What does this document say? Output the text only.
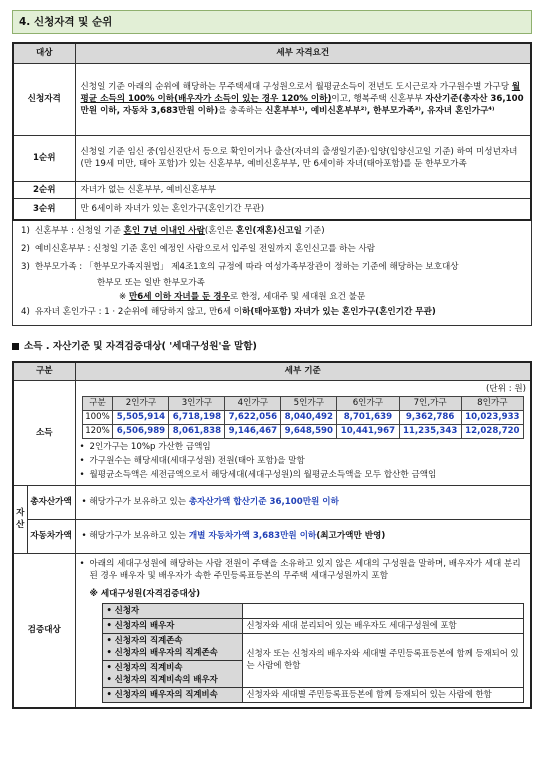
4. 신청자격 및 순위
대상	세부 자격요건
신청자격	신청일 기준 아래의 순위에 해당하는 무주택세대 구성원으로서 월평균소득이 전년도 도시근로자 가구원수별 가구당 월평균 소득의 100% 이하(배우자가 소득이 있는 경우 120% 이하)이고, 행복주택 신혼부부 자산기준(총자산 36,100만원 이하, 자동차 3,683만원 이하)을 충족하는 신혼부부¹⁾, 예비신혼부부²⁾, 한부모가족³⁾, 유자녀 혼인가구⁴⁾
1순위	신청일 기준 임신 중(임신진단서 등으로 확인이거나 출산(자녀의 출생일기준)·입양(입양신고일 기준) 하여 미성년자녀(만 19세 미만, 태아 포함)가 있는 신혼부부, 예비신혼부부, 만 6세이하 자녀(태아포함)를 둔 한부모가족
2순위	자녀가 없는 신혼부부, 예비신혼부부
3순위	만 6세이하 자녀가 있는 혼인가구(혼인기간 무관)
1) 신혼부부 : 신청일 기준 혼인 7년 이내인 사람(혼인은 혼인(재혼)신고일 기준)
2) 예비신혼부부 : 신청일 기준 혼인 예정인 사람으로서 입주일 전일까지 혼인신고를 하는 사람
3) 한부모가족 : 「한부모가족지원법」 제4조1호의 규정에 따라 여성가족부장관이 정하는 기준에 해당하는 보호대상
한부모 또는 일반 한부모가족
※ 만6세 이하 자녀를 둔 경우로 한정, 세대주 및 세대원 요건 불문
4) 유자녀 혼인가구 : 1 · 2순위에 해당하지 않고, 만6세 이하(태아포함) 자녀가 있는 혼인가구(혼인기간 무관)
소득 . 자산기준 및 자격검증대상( '세대구성원'을 말함)
구분	세부 기준
소득	
(단위 : 원)
구분	2인가구	3인가구	4인가구	5인가구	6인가구	7인,가구	8인가구
100%	5,505,914	6,718,198	7,622,056	8,040,492	8,701,639	9,362,786	10,023,933
120%	6,506,989	8,061,838	9,146,467	9,648,590	10,441,967	11,235,343	12,028,720
• 2인가구는 10%p 가산한 금액임
• 가구원수는 해당세대(세대구성원) 전원(태아 포함)을 말함
• 월평균소득액은 세전금액으로서 해당세대(세대구성원)의 월평균소득액을 모두 합산한 금액임

자산	총자산가액	• 해당가구가 보유하고 있는 총자산가액 합산기준 36,100만원 이하
자동차가액	• 해당가구가 보유하고 있는 개별 자동차가액 3,683만원 이하(최고가액만 반영)
검증대상	
• 아래의 세대구성원에 해당하는 사람 전원이 주택을 소유하고 있지 않은 세대의 구성원을 말하며, 배우자가 세대 분리된 경우 배우자 및 배우자가 속한 주민등록표등본의 무주택 세대구성원까지 포함
※ 세대구성원(자격검증대상)
• 신청자	
• 신청자의 배우자	신청자와 세대 분리되어 있는 배우자도 세대구성원에 포함
• 신청자의 직계존속
• 신청자의 배우자의 직계존속	신청자 또는 신청자의 배우자와 세대별 주민등록표등본에 함께 등재되어 있는 사람에 한함
• 신청자의 직계비속
• 신청자의 직계비속의 배우자
• 신청자의 배우자의 직계비속	신청자와 세대별 주민등록표등본에 함께 등재되어 있는 사람에 한함
